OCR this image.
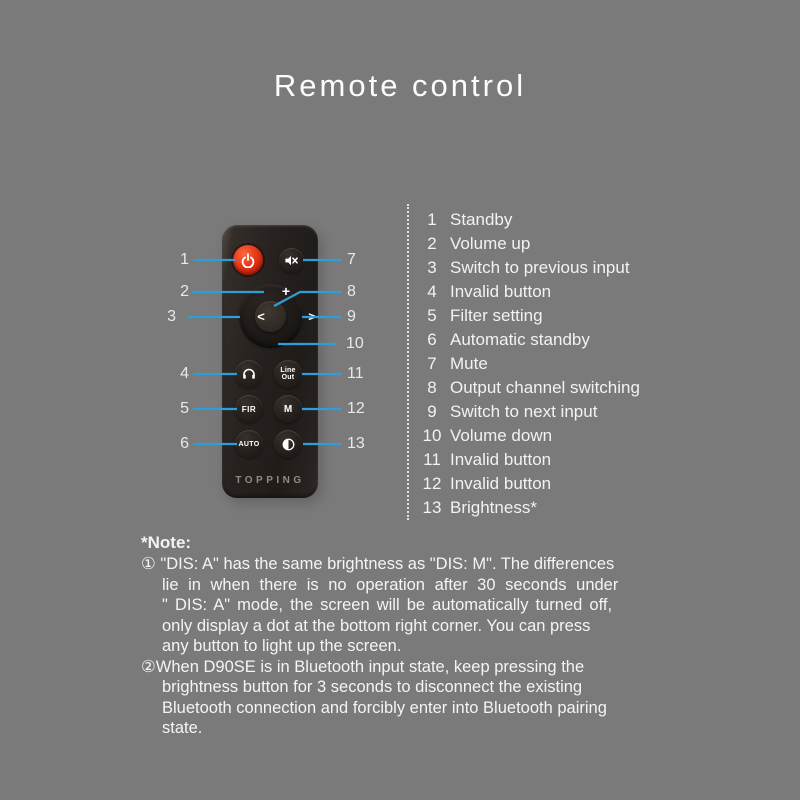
Remote control
+
−
<	>
Line
Out
FIR	M
AUTO
TOPPING
1
2
3
4
5
6
7
8
9
10
11
12
13
1 Standby
2 Volume up
3 Switch to previous input
4 Invalid button
5 Filter setting
6 Automatic standby
7 Mute
8 Output channel switching
9 Switch to next input
10 Volume down
11 Invalid button
12 Invalid button
13 Brightness*
*Note:
① "DIS: A" has the same brightness as "DIS: M". The differences
lie in when there is no operation after 30 seconds under
" DIS: A" mode, the screen will be automatically turned off,
only display a dot at the bottom right corner. You can press
any button to light up the screen.
②When D90SE is in Bluetooth input state, keep pressing the
brightness button for 3 seconds to disconnect the existing
Bluetooth connection and forcibly enter into Bluetooth pairing
state.
